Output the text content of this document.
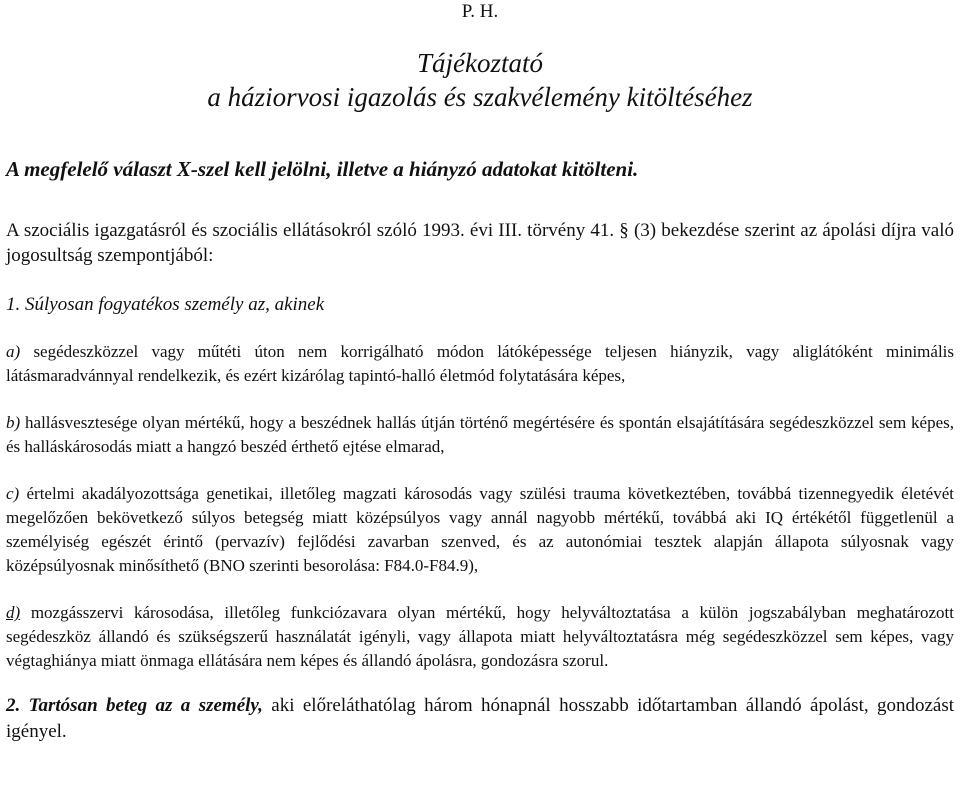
P. H.
Tájékoztató
a háziorvosi igazolás és szakvélemény kitöltéséhez
A megfelelő választ X-szel kell jelölni, illetve a hiányzó adatokat kitölteni.
A szociális igazgatásról és szociális ellátásokról szóló 1993. évi III. törvény 41. § (3) bekezdése szerint az ápolási díjra való jogosultság szempontjából:
1. Súlyosan fogyatékos személy az, akinek
a) segédeszközzel vagy műtéti úton nem korrigálható módon látóképessége teljesen hiányzik, vagy aliglátóként minimális látásmaradvánnyal rendelkezik, és ezért kizárólag tapintó-halló életmód folytatására képes,
b) hallásvesztesége olyan mértékű, hogy a beszédnek hallás útján történő megértésére és spontán elsajátítására segédeszközzel sem képes, és halláskárosodás miatt a hangzó beszéd érthető ejtése elmarad,
c) értelmi akadályozottsága genetikai, illetőleg magzati károsodás vagy szülési trauma következtében, továbbá tizennegyedik életévét megelőzően bekövetkező súlyos betegség miatt középsúlyos vagy annál nagyobb mértékű, továbbá aki IQ értékétől függetlenül a személyiség egészét érintő (pervazív) fejlődési zavarban szenved, és az autonómiai tesztek alapján állapota súlyosnak vagy középsúlyosnak minősíthető (BNO szerinti besorolása: F84.0-F84.9),
d) mozgásszervi károsodása, illetőleg funkciózavara olyan mértékű, hogy helyváltoztatása a külön jogszabályban meghatározott segédeszköz állandó és szükségszerű használatát igényli, vagy állapota miatt helyváltoztatásra még segédeszközzel sem képes, vagy végtaghiánya miatt önmaga ellátására nem képes és állandó ápolásra, gondozásra szorul.
2. Tartósan beteg az a személy, aki előreláthatólag három hónapnál hosszabb időtartamban állandó ápolást, gondozást igényel.
